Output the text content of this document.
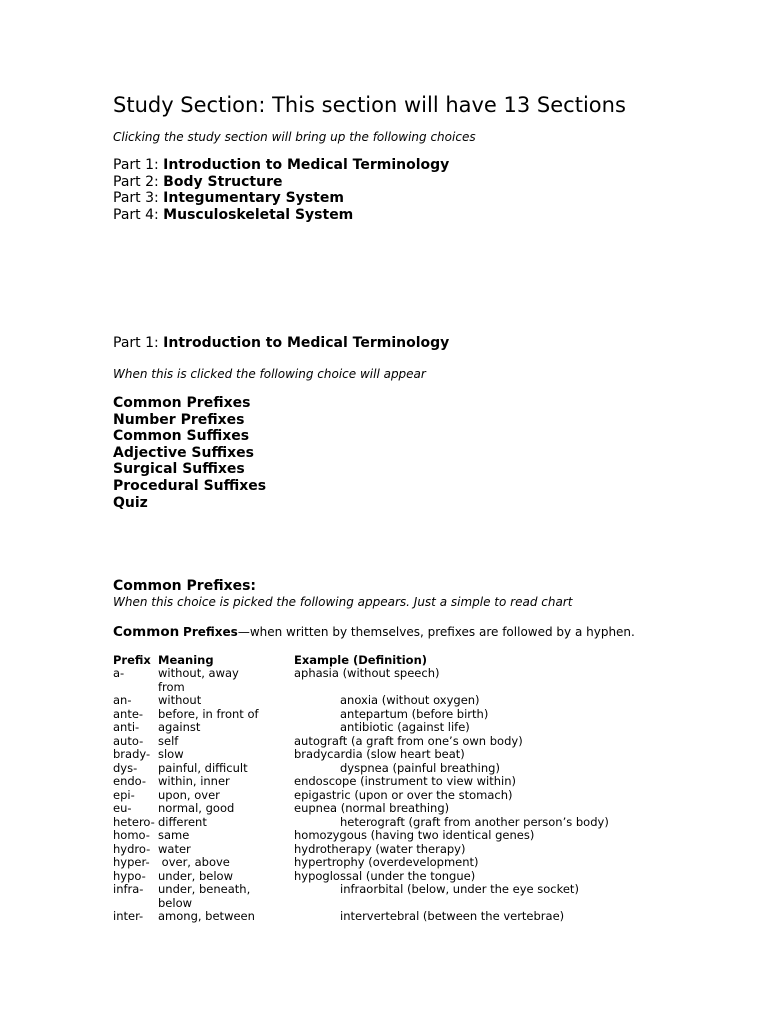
Study Section: This section will have 13 Sections
Clicking the study section will bring up the following choices
Part 1: Introduction to Medical Terminology
Part 2: Body Structure
Part 3: Integumentary System
Part 4: Musculoskeletal System
Part 1: Introduction to Medical Terminology
When this is clicked the following choice will appear
Common Prefixes
Number Prefixes
Common Suffixes
Adjective Suffixes
Surgical Suffixes
Procedural Suffixes
Quiz
Common Prefixes:
When this choice is picked the following appears. Just a simple to read chart
Common Prefixes—when written by themselves, prefixes are followed by a hyphen.
Prefix Meaning	Example (Definition)
a-	without, away	aphasia (without speech)
from
an- without	anoxia (without oxygen)
ante- before, in front of	antepartum (before birth)
anti- against	antibiotic (against life)
auto- self	autograft (a graft from one’s own body)
brady- slow	bradycardia (slow heart beat)
dys- painful, difficult	dyspnea (painful breathing)
endo- within, inner	endoscope (instrument to view within)
epi- upon, over	epigastric (upon or over the stomach)
eu- normal, good	eupnea (normal breathing)
hetero- different	heterograft (graft from another person’s body)
homo- same	homozygous (having two identical genes)
hydro- water	hydrotherapy (water therapy)
hyper- over, above	hypertrophy (overdevelopment)
hypo- under, below	hypoglossal (under the tongue)
infra- under, beneath,	infraorbital (below, under the eye socket)
below
inter- among, between	intervertebral (between the vertebrae)
